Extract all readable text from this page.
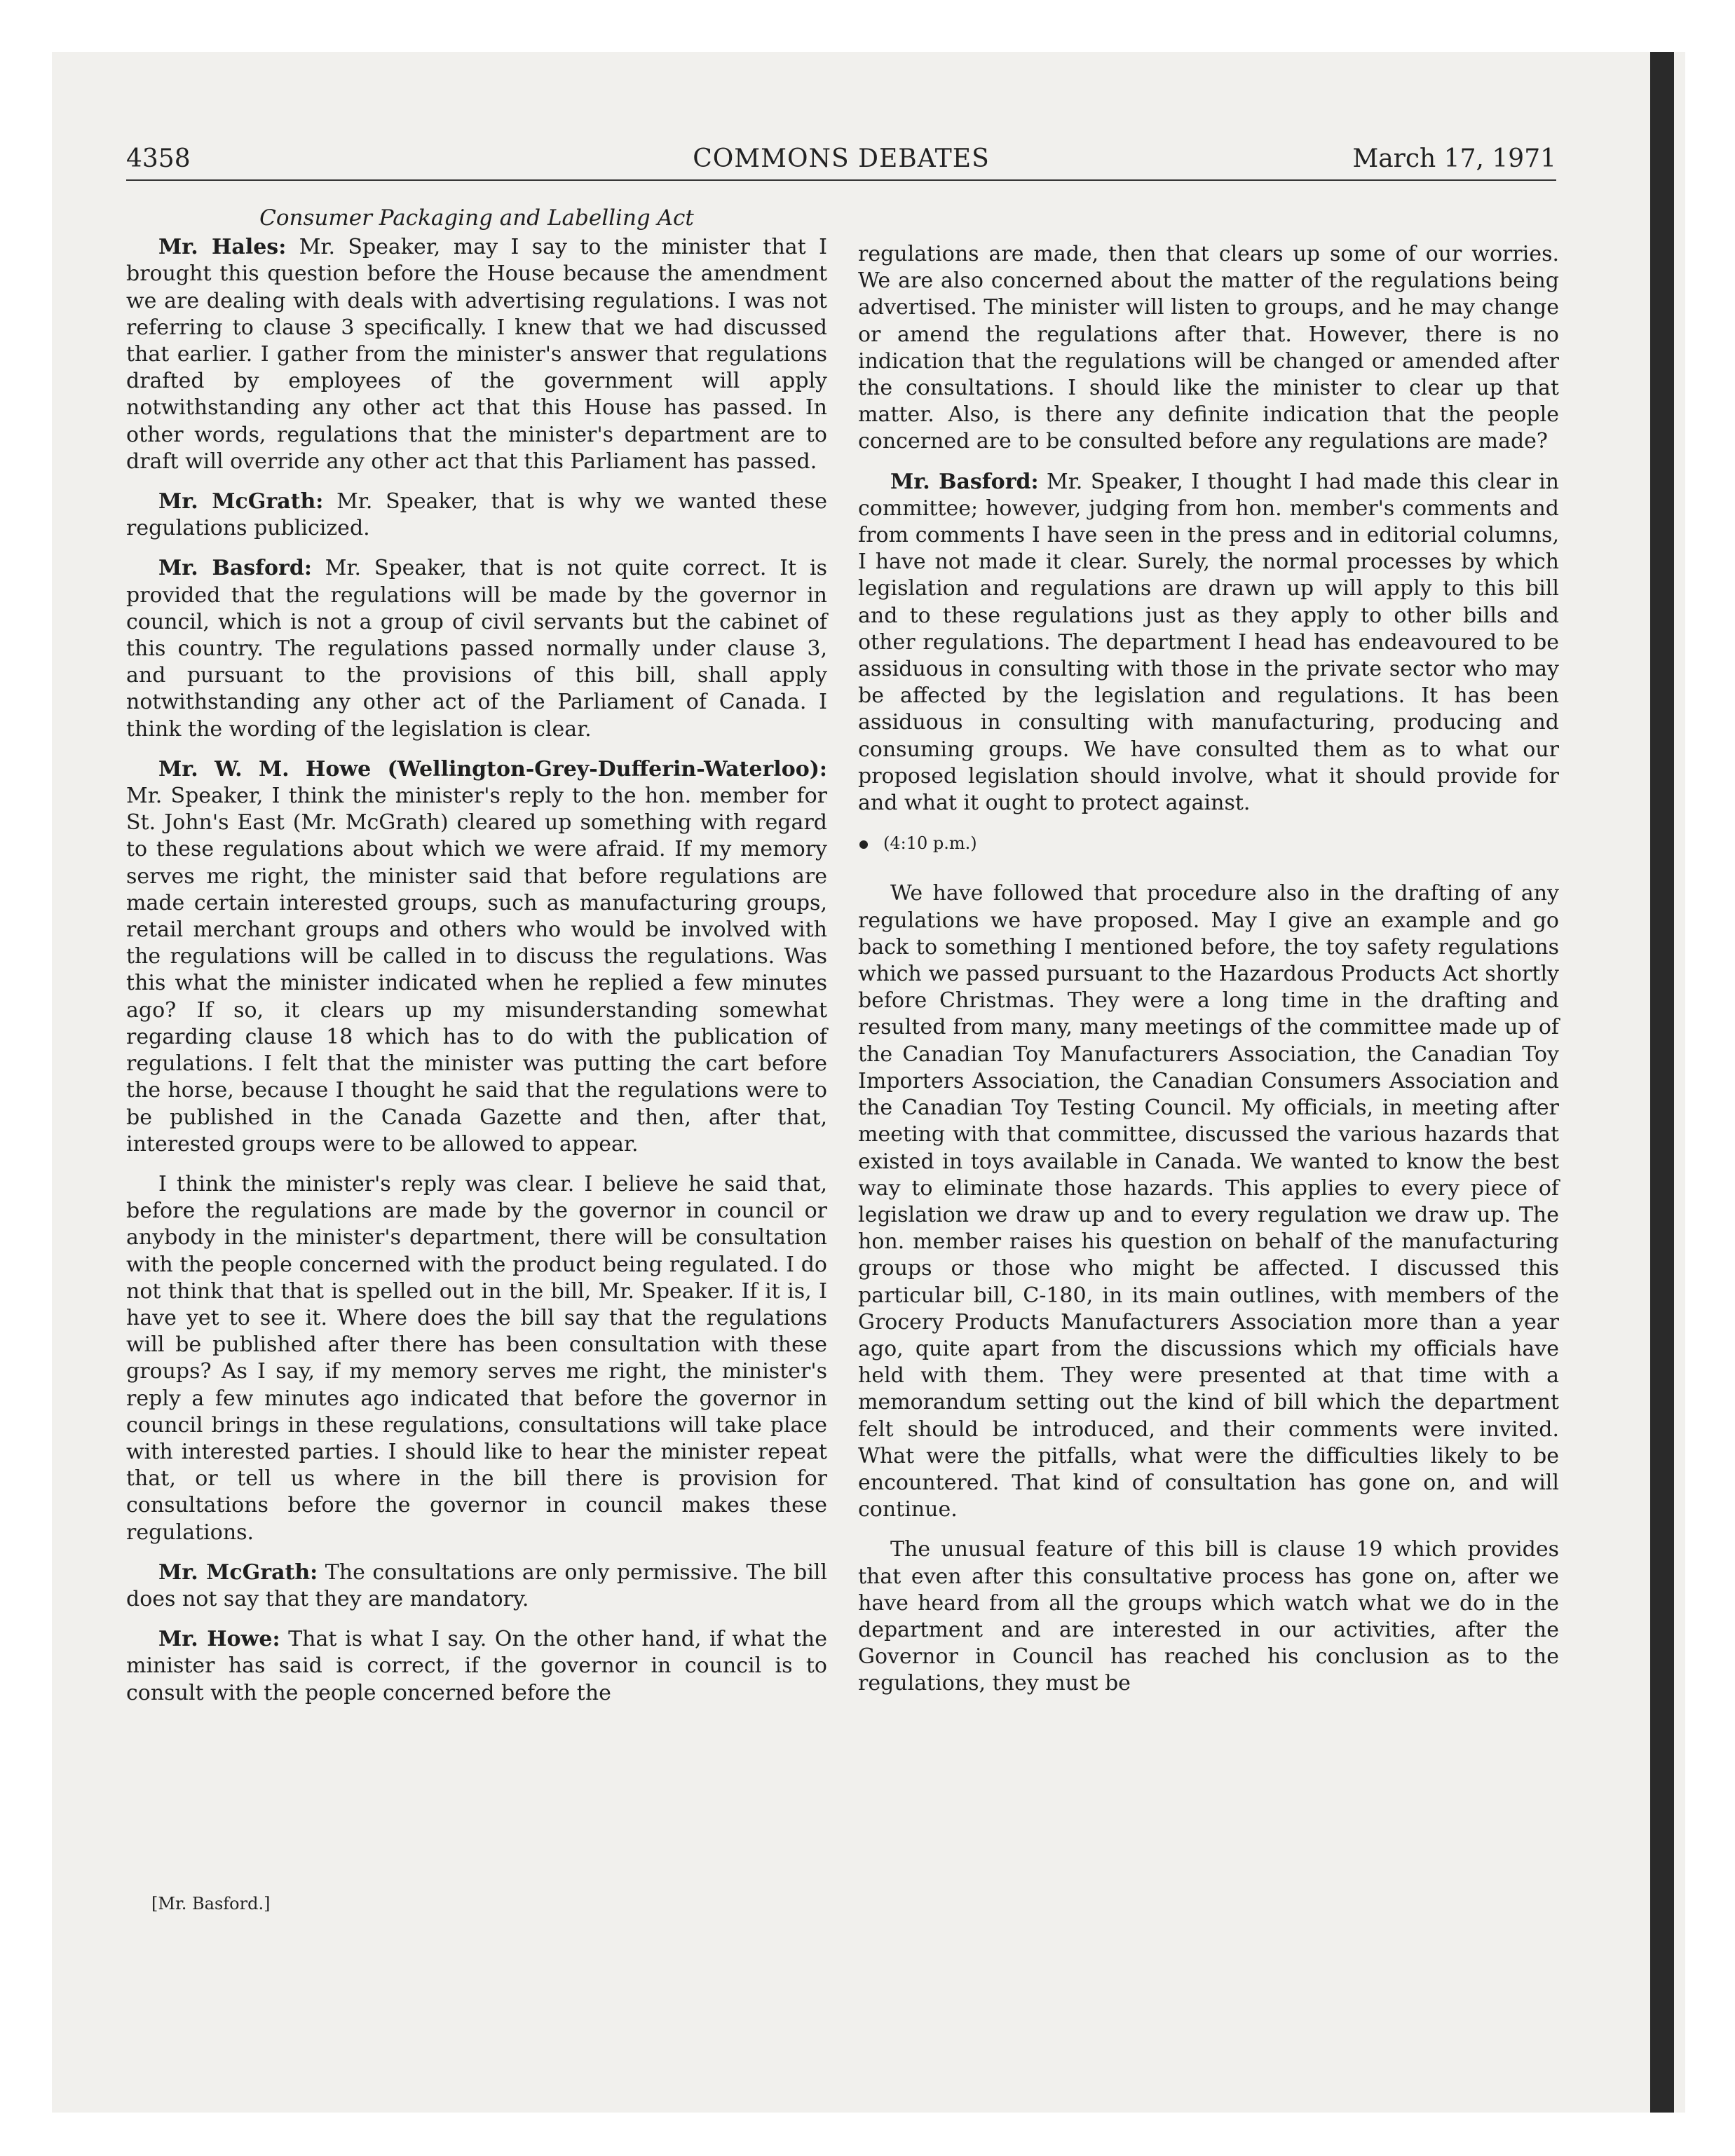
4358	COMMONS DEBATES	March 17, 1971
Consumer Packaging and Labelling Act

Mr. Hales: Mr. Speaker, may I say to the minister that I brought this question before the House because the amendment we are dealing with deals with advertising regulations. I was not referring to clause 3 specifically. I knew that we had discussed that earlier. I gather from the minister's answer that regulations drafted by employees of the government will apply notwithstanding any other act that this House has passed. In other words, regulations that the minister's department are to draft will override any other act that this Parliament has passed.

Mr. McGrath: Mr. Speaker, that is why we wanted these regulations publicized.

Mr. Basford: Mr. Speaker, that is not quite correct. It is provided that the regulations will be made by the governor in council, which is not a group of civil servants but the cabinet of this country. The regulations passed normally under clause 3, and pursuant to the provisions of this bill, shall apply notwithstanding any other act of the Parliament of Canada. I think the wording of the legislation is clear.

Mr. W. M. Howe (Wellington-Grey-Dufferin-Waterloo): Mr. Speaker, I think the minister's reply to the hon. member for St. John's East (Mr. McGrath) cleared up something with regard to these regulations about which we were afraid. If my memory serves me right, the minister said that before regulations are made certain interested groups, such as manufacturing groups, retail merchant groups and others who would be involved with the regulations will be called in to discuss the regulations. Was this what the minister indicated when he replied a few minutes ago? If so, it clears up my misunderstanding somewhat regarding clause 18 which has to do with the publication of regulations. I felt that the minister was putting the cart before the horse, because I thought he said that the regulations were to be published in the Canada Gazette and then, after that, interested groups were to be allowed to appear.

I think the minister's reply was clear. I believe he said that, before the regulations are made by the governor in council or anybody in the minister's department, there will be consultation with the people concerned with the product being regulated. I do not think that that is spelled out in the bill, Mr. Speaker. If it is, I have yet to see it. Where does the bill say that the regulations will be published after there has been consultation with these groups? As I say, if my memory serves me right, the minister's reply a few minutes ago indicated that before the governor in council brings in these regulations, consultations will take place with interested parties. I should like to hear the minister repeat that, or tell us where in the bill there is provision for consultations before the governor in council makes these regulations.

Mr. McGrath: The consultations are only permissive. The bill does not say that they are mandatory.

Mr. Howe: That is what I say. On the other hand, if what the minister has said is correct, if the governor in council is to consult with the people concerned before the

regulations are made, then that clears up some of our worries. We are also concerned about the matter of the regulations being advertised. The minister will listen to groups, and he may change or amend the regulations after that. However, there is no indication that the regulations will be changed or amended after the consultations. I should like the minister to clear up that matter. Also, is there any definite indication that the people concerned are to be consulted before any regulations are made?

Mr. Basford: Mr. Speaker, I thought I had made this clear in committee; however, judging from hon. member's comments and from comments I have seen in the press and in editorial columns, I have not made it clear. Surely, the normal processes by which legislation and regulations are drawn up will apply to this bill and to these regulations just as they apply to other bills and other regulations. The department I head has endeavoured to be assiduous in consulting with those in the private sector who may be affected by the legislation and regulations. It has been assiduous in consulting with manufacturing, producing and consuming groups. We have consulted them as to what our proposed legislation should involve, what it should provide for and what it ought to protect against.

(4:10 p.m.)

We have followed that procedure also in the drafting of any regulations we have proposed. May I give an example and go back to something I mentioned before, the toy safety regulations which we passed pursuant to the Hazardous Products Act shortly before Christmas. They were a long time in the drafting and resulted from many, many meetings of the committee made up of the Canadian Toy Manufacturers Association, the Canadian Toy Importers Association, the Canadian Consumers Association and the Canadian Toy Testing Council. My officials, in meeting after meeting with that committee, discussed the various hazards that existed in toys available in Canada. We wanted to know the best way to eliminate those hazards. This applies to every piece of legislation we draw up and to every regulation we draw up. The hon. member raises his question on behalf of the manufacturing groups or those who might be affected. I discussed this particular bill, C-180, in its main outlines, with members of the Grocery Products Manufacturers Association more than a year ago, quite apart from the discussions which my officials have held with them. They were presented at that time with a memorandum setting out the kind of bill which the department felt should be introduced, and their comments were invited. What were the pitfalls, what were the difficulties likely to be encountered. That kind of consultation has gone on, and will continue.

The unusual feature of this bill is clause 19 which provides that even after this consultative process has gone on, after we have heard from all the groups which watch what we do in the department and are interested in our activities, after the Governor in Council has reached his conclusion as to the regulations, they must be

[Mr. Basford.]
